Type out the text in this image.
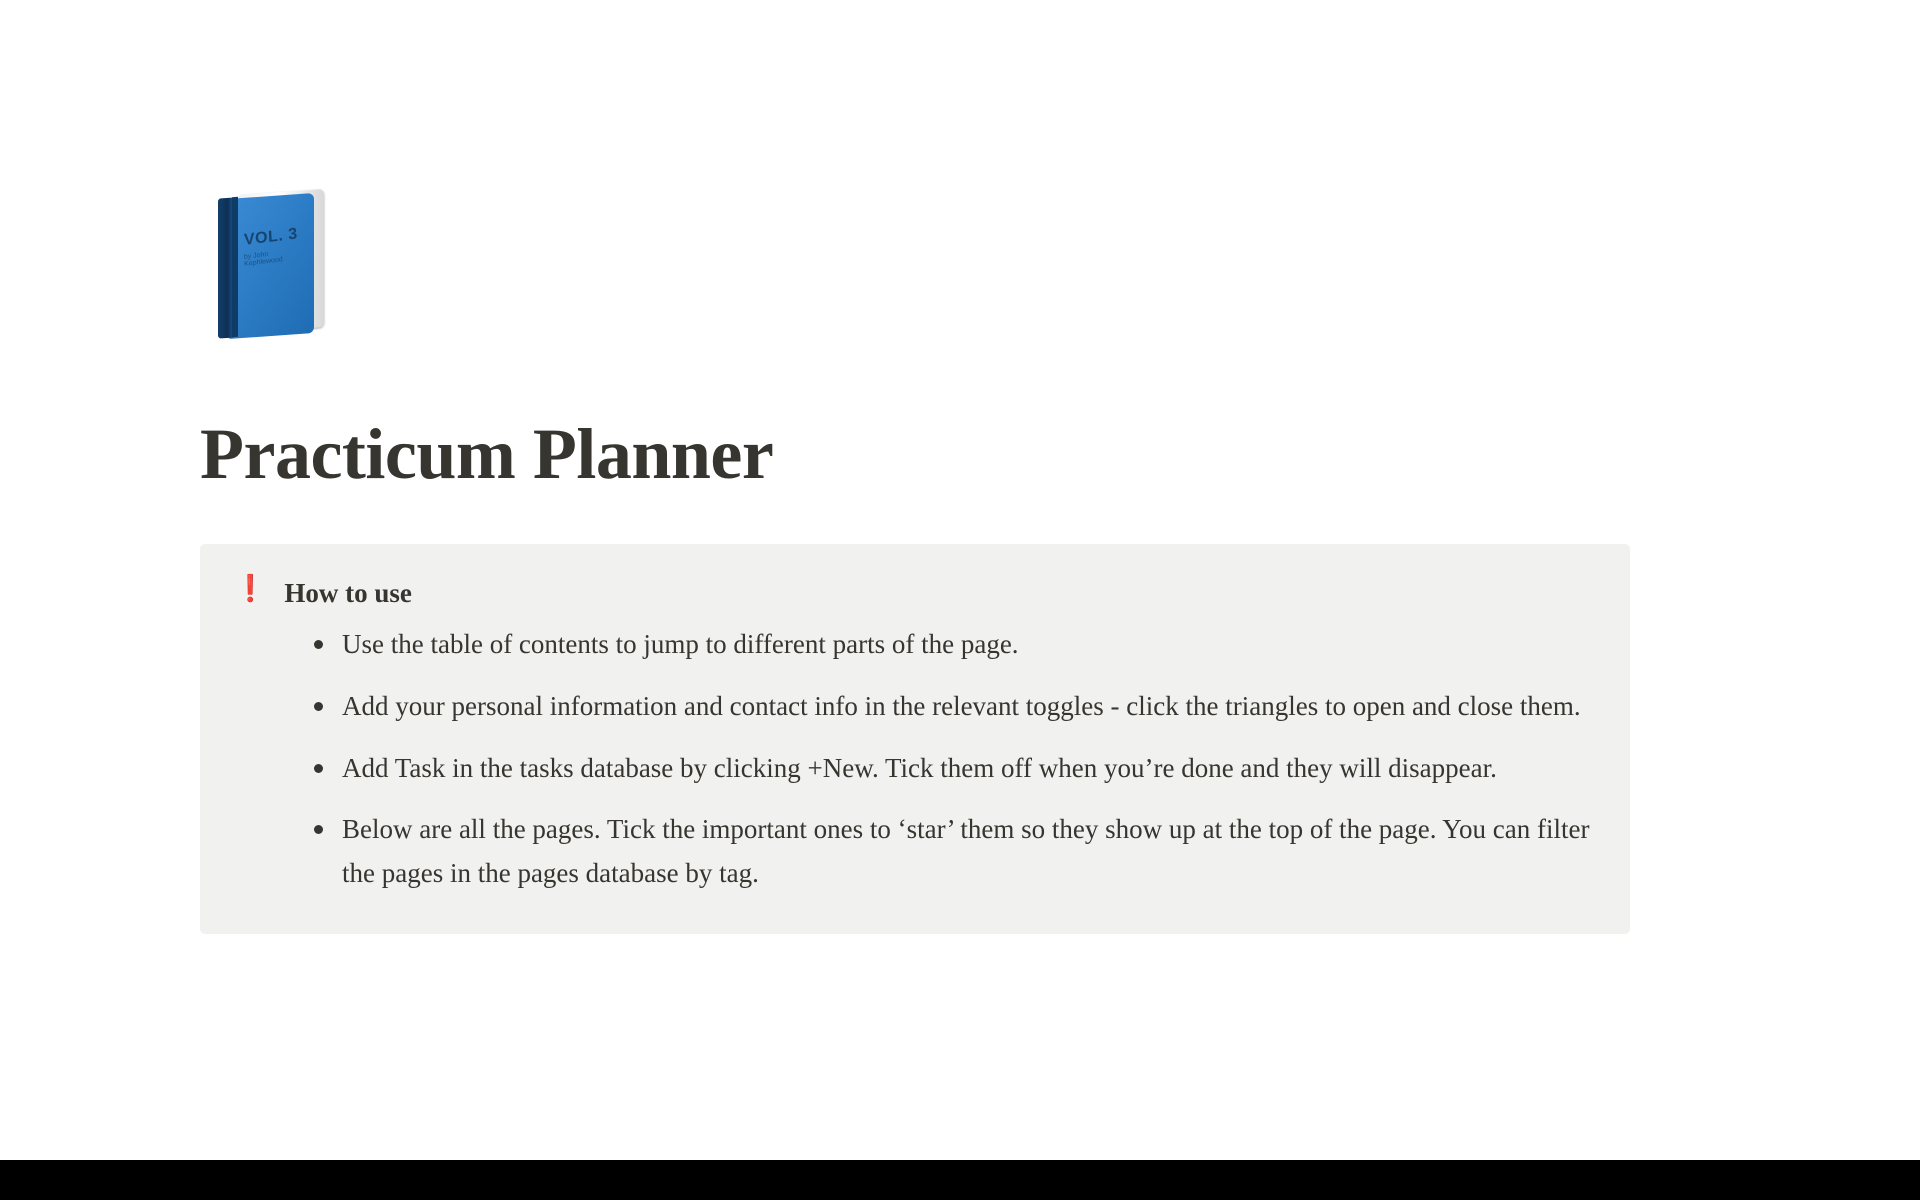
VOL. 3
by John Kephlewood
Practicum Planner
❗ How to use
Use the table of contents to jump to different parts of the page.
Add your personal information and contact info in the relevant toggles - click the triangles to open and close them.
Add Task in the tasks database by clicking +New. Tick them off when you’re done and they will disappear.
Below are all the pages. Tick the important ones to ‘star’ them so they show up at the top of the page. You can filter the pages in the pages database by tag.
